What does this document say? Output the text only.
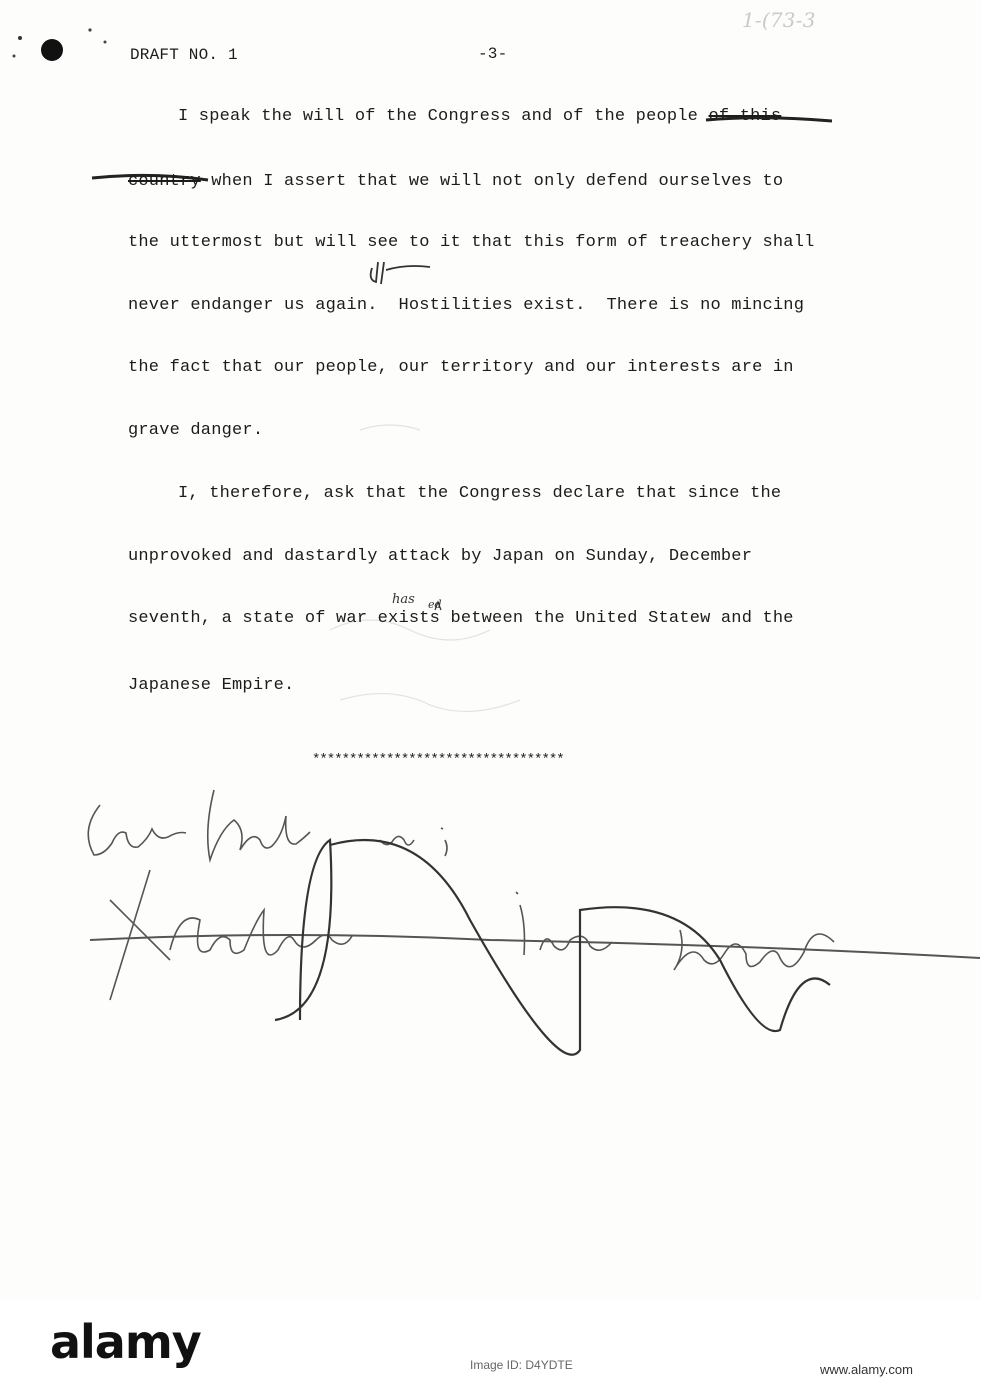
DRAFT NO. 1	-3-
1-(73-3
I speak the will of the Congress and of the people of this
country when I assert that we will not only defend ourselves to
the uttermost but will see to it that this form of treachery shall
never endanger us again.  Hostilities exist.  There is no mincing
the fact that our people, our territory and our interests are in
grave danger.
I, therefore, ask that the Congress declare that since the
unprovoked and dastardly attack by Japan on Sunday, December
seventh, a state of war exists between the United Statew and the
Japanese Empire.
has ed
**********************************
alamy	Image ID: D4YDTE	www.alamy.com
